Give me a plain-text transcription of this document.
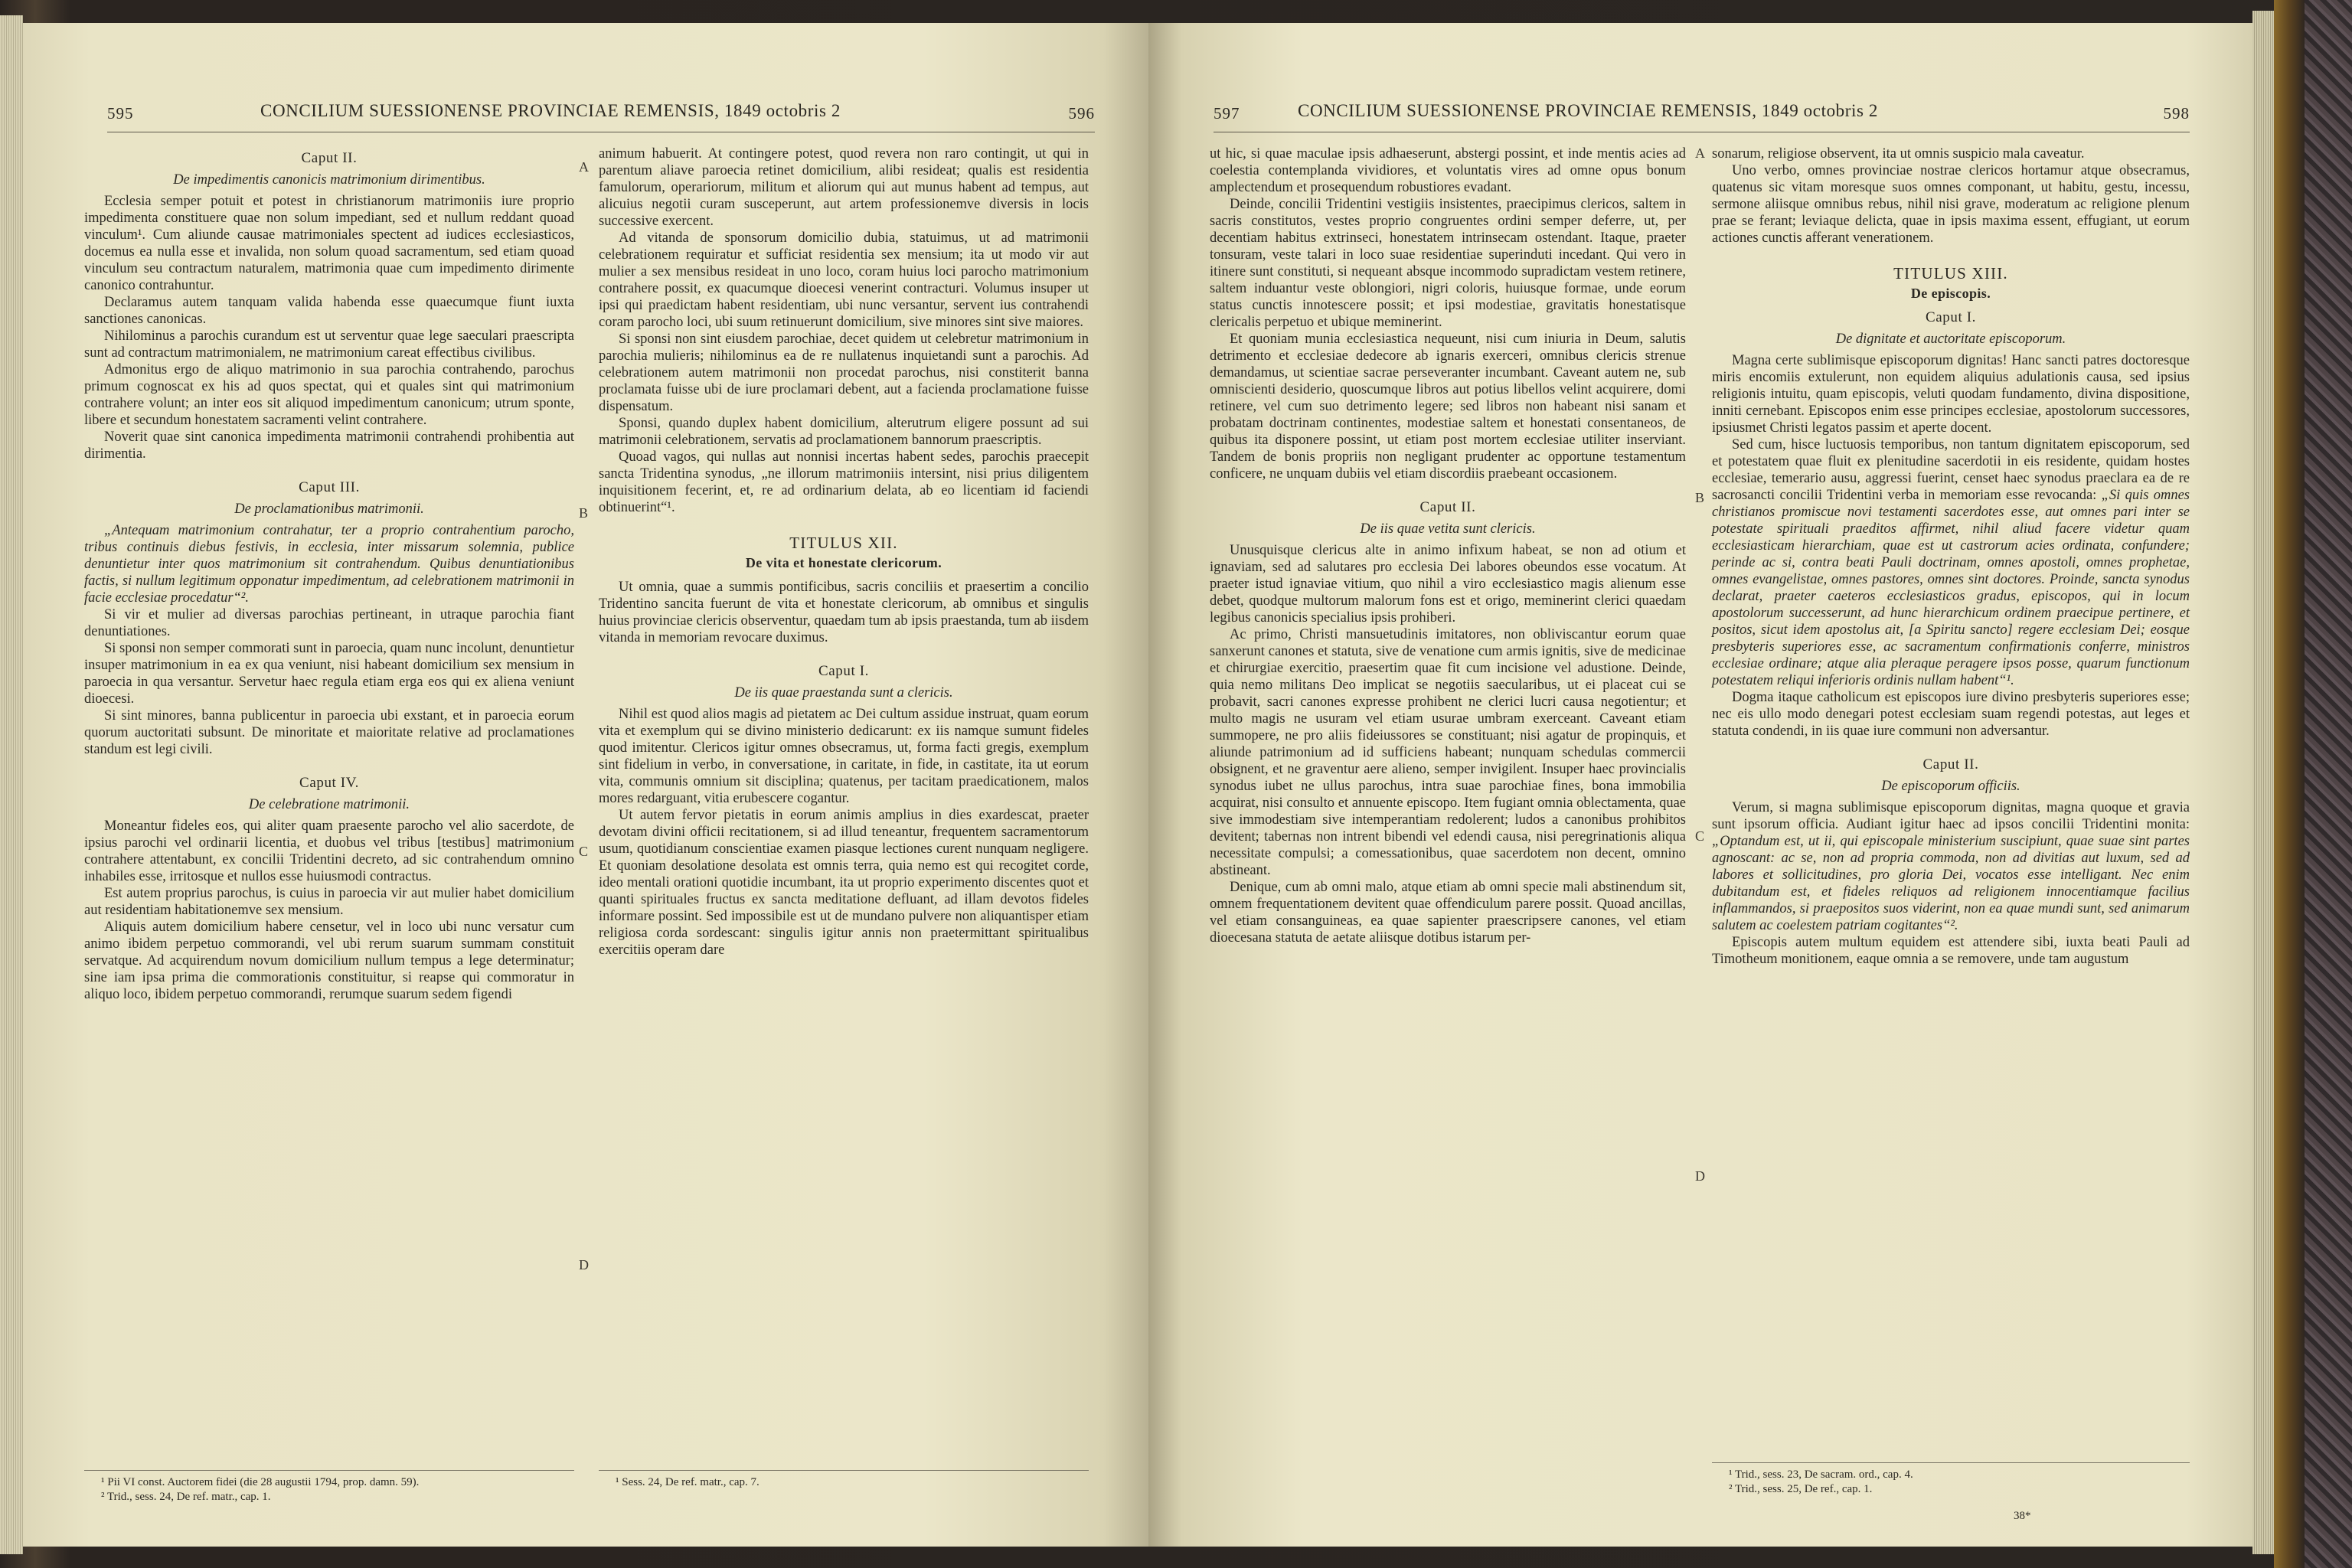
595	CONCILIUM SUESSIONENSE PROVINCIAE REMENSIS, 1849 octobris 2	596
Caput II.
De impedimentis canonicis matrimonium dirimentibus.

Ecclesia semper potuit et potest in christianorum matrimoniis iure proprio impedimenta constituere quae non solum impediant, sed et nullum reddant quoad vinculum¹. Cum aliunde causae matrimoniales spectent ad iudices ecclesiasticos, docemus ea nulla esse et invalida, non solum quoad sacramentum, sed etiam quoad vinculum seu contractum naturalem, matrimonia quae cum impedimento dirimente canonico contrahuntur.

Declaramus autem tanquam valida habenda esse quaecumque fiunt iuxta sanctiones canonicas.

Nihilominus a parochis curandum est ut serventur quae lege saeculari praescripta sunt ad contractum matrimonialem, ne matrimonium careat effectibus civilibus.

Admonitus ergo de aliquo matrimonio in sua parochia contrahendo, parochus primum cognoscat ex his ad quos spectat, qui et quales sint qui matrimonium contrahere volunt; an inter eos sit aliquod impedimentum canonicum; utrum sponte, libere et secundum honestatem sacramenti velint contrahere.

Noverit quae sint canonica impedimenta matrimonii contrahendi prohibentia aut dirimentia.

Caput III.
De proclamationibus matrimonii.

„Antequam matrimonium contrahatur, ter a proprio contrahentium parocho, tribus continuis diebus festivis, in ecclesia, inter missarum solemnia, publice denuntietur inter quos matrimonium sit contrahendum. Quibus denuntiationibus factis, si nullum legitimum opponatur impedimentum, ad celebrationem matrimonii in facie ecclesiae procedatur“².

Si vir et mulier ad diversas parochias pertineant, in utraque parochia fiant denuntiationes.

Si sponsi non semper commorati sunt in paroecia, quam nunc incolunt, denuntietur insuper matrimonium in ea ex qua veniunt, nisi habeant domicilium sex mensium in paroecia in qua versantur. Servetur haec regula etiam erga eos qui ex aliena veniunt dioecesi.

Si sint minores, banna publicentur in paroecia ubi exstant, et in paroecia eorum quorum auctoritati subsunt. De minoritate et maioritate relative ad proclamationes standum est legi civili.

Caput IV.
De celebratione matrimonii.

Moneantur fideles eos, qui aliter quam praesente parocho vel alio sacerdote, de ipsius parochi vel ordinarii licentia, et duobus vel tribus [testibus] matrimonium contrahere attentabunt, ex concilii Tridentini decreto, ad sic contrahendum omnino inhabiles esse, irritosque et nullos esse huiusmodi contractus.

Est autem proprius parochus, is cuius in paroecia vir aut mulier habet domicilium aut residentiam habitationemve sex mensium.

Aliquis autem domicilium habere censetur, vel in loco ubi nunc versatur cum animo ibidem perpetuo commorandi, vel ubi rerum suarum summam constituit servatque. Ad acquirendum novum domicilium nullum tempus a lege determinatur; sine iam ipsa prima die commorationis constituitur, si reapse qui commoratur in aliquo loco, ibidem perpetuo commorandi, rerumque suarum sedem figendi

¹ Pii VI const. Auctorem fidei (die 28 augustii 1794, prop. damn. 59).
² Trid., sess. 24, De ref. matr., cap. 1.
A
B
C
D

animum habuerit. At contingere potest, quod revera non raro contingit, ut qui in parentum aliave paroecia retinet domicilium, alibi resideat; qualis est residentia famulorum, operariorum, militum et aliorum qui aut munus habent ad tempus, aut alicuius negotii curam susceperunt, aut artem professionemve diversis in locis successive exercent.

Ad vitanda de sponsorum domicilio dubia, statuimus, ut ad matrimonii celebrationem requiratur et sufficiat residentia sex mensium; ita ut modo vir aut mulier a sex mensibus resideat in uno loco, coram huius loci parocho matrimonium contrahere possit, ex quacumque dioecesi venerint contracturi. Volumus insuper ut ipsi qui praedictam habent residentiam, ubi nunc versantur, servent ius contrahendi coram parocho loci, ubi suum retinuerunt domicilium, sive minores sint sive maiores.

Si sponsi non sint eiusdem parochiae, decet quidem ut celebretur matrimonium in parochia mulieris; nihilominus ea de re nullatenus inquietandi sunt a parochis. Ad celebrationem autem matrimonii non procedat parochus, nisi constiterit banna proclamata fuisse ubi de iure proclamari debent, aut a facienda proclamatione fuisse dispensatum.

Sponsi, quando duplex habent domicilium, alterutrum eligere possunt ad sui matrimonii celebrationem, servatis ad proclamationem bannorum praescriptis.

Quoad vagos, qui nullas aut nonnisi incertas habent sedes, parochis praecepit sancta Tridentina synodus, „ne illorum matrimoniis intersint, nisi prius diligentem inquisitionem fecerint, et, re ad ordinarium delata, ab eo licentiam id faciendi obtinuerint“¹.

TITULUS XII.
De vita et honestate clericorum.

Ut omnia, quae a summis pontificibus, sacris conciliis et praesertim a concilio Tridentino sancita fuerunt de vita et honestate clericorum, ab omnibus et singulis huius provinciae clericis observentur, quaedam tum ab ipsis praestanda, tum ab iisdem vitanda in memoriam revocare duximus.

Caput I.
De iis quae praestanda sunt a clericis.

Nihil est quod alios magis ad pietatem ac Dei cultum assidue instruat, quam eorum vita et exemplum qui se divino ministerio dedicarunt: ex iis namque sumunt fideles quod imitentur. Clericos igitur omnes obsecramus, ut, forma facti gregis, exemplum sint fidelium in verbo, in conversatione, in caritate, in fide, in castitate, ita ut eorum vita, communis omnium sit disciplina; quatenus, per tacitam praedicationem, malos mores redarguant, vitia erubescere cogantur.

Ut autem fervor pietatis in eorum animis amplius in dies exardescat, praeter devotam divini officii recitationem, si ad illud teneantur, frequentem sacramentorum usum, quotidianum conscientiae examen piasque lectiones curent nunquam negligere. Et quoniam desolatione desolata est omnis terra, quia nemo est qui recogitet corde, ideo mentali orationi quotidie incumbant, ita ut proprio experimento discentes quot et quanti spirituales fructus ex sancta meditatione defluant, ad illam devotos fideles informare possint. Sed impossibile est ut de mundano pulvere non aliquantisper etiam religiosa corda sordescant: singulis igitur annis non praetermittant spiritualibus exercitiis operam dare

¹ Sess. 24, De ref. matr., cap. 7.
597	CONCILIUM SUESSIONENSE PROVINCIAE REMENSIS, 1849 octobris 2	598

ut hic, si quae maculae ipsis adhaeserunt, abstergi possint, et inde mentis acies ad coelestia contemplanda vividiores, et voluntatis vires ad omne opus bonum amplectendum et prosequendum robustiores evadant.

Deinde, concilii Tridentini vestigiis insistentes, praecipimus clericos, saltem in sacris constitutos, vestes proprio congruentes ordini semper deferre, ut, per decentiam habitus extrinseci, honestatem intrinsecam ostendant. Itaque, praeter tonsuram, veste talari in loco suae residentiae superinduti incedant. Qui vero in itinere sunt constituti, si nequeant absque incommodo supradictam vestem retinere, saltem induantur veste oblongiori, nigri coloris, huiusque formae, unde eorum status cunctis innotescere possit; et ipsi modestiae, gravitatis honestatisque clericalis perpetuo et ubique meminerint.

Et quoniam munia ecclesiastica nequeunt, nisi cum iniuria in Deum, salutis detrimento et ecclesiae dedecore ab ignaris exerceri, omnibus clericis strenue demandamus, ut scientiae sacrae perseveranter incumbant. Caveant autem ne, sub omniscienti desiderio, quoscumque libros aut potius libellos velint acquirere, domi retinere, vel cum suo detrimento legere; sed libros non habeant nisi sanam et probatam doctrinam continentes, modestiae saltem et honestati consentaneos, de quibus ita disponere possint, ut etiam post mortem ecclesiae utiliter inserviant. Tandem de bonis propriis non negligant prudenter ac opportune testamentum conficere, ne unquam dubiis vel etiam discordiis praebeant occasionem.

Caput II.
De iis quae vetita sunt clericis.

Unusquisque clericus alte in animo infixum habeat, se non ad otium et ignaviam, sed ad salutares pro ecclesia Dei labores obeundos esse vocatum. At praeter istud ignaviae vitium, quo nihil a viro ecclesiastico magis alienum esse debet, quodque multorum malorum fons est et origo, meminerint clerici quaedam legibus canonicis specialius ipsis prohiberi.

Ac primo, Christi mansuetudinis imitatores, non obliviscantur eorum quae sanxerunt canones et statuta, sive de venatione cum armis ignitis, sive de medicinae et chirurgiae exercitio, praesertim quae fit cum incisione vel adustione. Deinde, quia nemo militans Deo implicat se negotiis saecularibus, ut ei placeat cui se probavit, sacri canones expresse prohibent ne clerici lucri causa negotientur; et multo magis ne usuram vel etiam usurae umbram exerceant. Caveant etiam summopere, ne pro aliis fideiussores se constituant; nisi agatur de propinquis, et aliunde patrimonium ad id sufficiens habeant; nunquam schedulas commercii obsignent, et ne graventur aere alieno, semper invigilent. Insuper haec provincialis synodus iubet ne ullus parochus, intra suae parochiae fines, bona immobilia acquirat, nisi consulto et annuente episcopo. Item fugiant omnia oblectamenta, quae sive immodestiam sive intemperantiam redolerent; ludos a canonibus prohibitos devitent; tabernas non intrent bibendi vel edendi causa, nisi peregrinationis aliqua necessitate compulsi; a comessationibus, quae sacerdotem non decent, omnino abstineant.

Denique, cum ab omni malo, atque etiam ab omni specie mali abstinendum sit, omnem frequentationem devitent quae offendiculum parere possit. Quoad ancillas, vel etiam consanguineas, ea quae sapienter praescripsere canones, vel etiam dioecesana statuta de aetate aliisque dotibus istarum per-

A
B
C
D

sonarum, religiose observent, ita ut omnis suspicio mala caveatur.

Uno verbo, omnes provinciae nostrae clericos hortamur atque obsecramus, quatenus sic vitam moresque suos omnes componant, ut habitu, gestu, incessu, sermone aliisque omnibus rebus, nihil nisi grave, moderatum ac religione plenum prae se ferant; leviaque delicta, quae in ipsis maxima essent, effugiant, ut eorum actiones cunctis afferant venerationem.

TITULUS XIII.
De episcopis.
Caput I.
De dignitate et auctoritate episcoporum.

Magna certe sublimisque episcoporum dignitas! Hanc sancti patres doctoresque miris encomiis extulerunt, non equidem aliquius adulationis causa, sed ipsius religionis intuitu, quam episcopis, veluti quodam fundamento, divina dispositione, inniti cernebant. Episcopos enim esse principes ecclesiae, apostolorum successores, ipsiusmet Christi legatos passim et aperte docent.

Sed cum, hisce luctuosis temporibus, non tantum dignitatem episcoporum, sed et potestatem quae fluit ex plenitudine sacerdotii in eis residente, quidam hostes ecclesiae, temerario ausu, aggressi fuerint, censet haec synodus praeclara ea de re sacrosancti concilii Tridentini verba in memoriam esse revocanda: „Si quis omnes christianos promiscue novi testamenti sacerdotes esse, aut omnes pari inter se potestate spirituali praeditos affirmet, nihil aliud facere videtur quam ecclesiasticam hierarchiam, quae est ut castrorum acies ordinata, confundere; perinde ac si, contra beati Pauli doctrinam, omnes apostoli, omnes prophetae, omnes evangelistae, omnes pastores, omnes sint doctores. Proinde, sancta synodus declarat, praeter caeteros ecclesiasticos gradus, episcopos, qui in locum apostolorum successerunt, ad hunc hierarchicum ordinem praecipue pertinere, et positos, sicut idem apostolus ait, [a Spiritu sancto] regere ecclesiam Dei; eosque presbyteris superiores esse, ac sacramentum confirmationis conferre, ministros ecclesiae ordinare; atque alia pleraque peragere ipsos posse, quarum functionum potestatem reliqui inferioris ordinis nullam habent“¹.

Dogma itaque catholicum est episcopos iure divino presbyteris superiores esse; nec eis ullo modo denegari potest ecclesiam suam regendi potestas, aut leges et statuta condendi, in iis quae iure communi non adversantur.

Caput II.
De episcoporum officiis.

Verum, si magna sublimisque episcoporum dignitas, magna quoque et gravia sunt ipsorum officia. Audiant igitur haec ad ipsos concilii Tridentini monita: „Optandum est, ut ii, qui episcopale ministerium suscipiunt, quae suae sint partes agnoscant: ac se, non ad propria commoda, non ad divitias aut luxum, sed ad labores et sollicitudines, pro gloria Dei, vocatos esse intelligant. Nec enim dubitandum est, et fideles reliquos ad religionem innocentiamque facilius inflammandos, si praepositos suos viderint, non ea quae mundi sunt, sed animarum salutem ac coelestem patriam cogitantes“².

Episcopis autem multum equidem est attendere sibi, iuxta beati Pauli ad Timotheum monitionem, eaque omnia a se removere, unde tam augustum

¹ Trid., sess. 23, De sacram. ord., cap. 4.
² Trid., sess. 25, De ref., cap. 1.
38*
